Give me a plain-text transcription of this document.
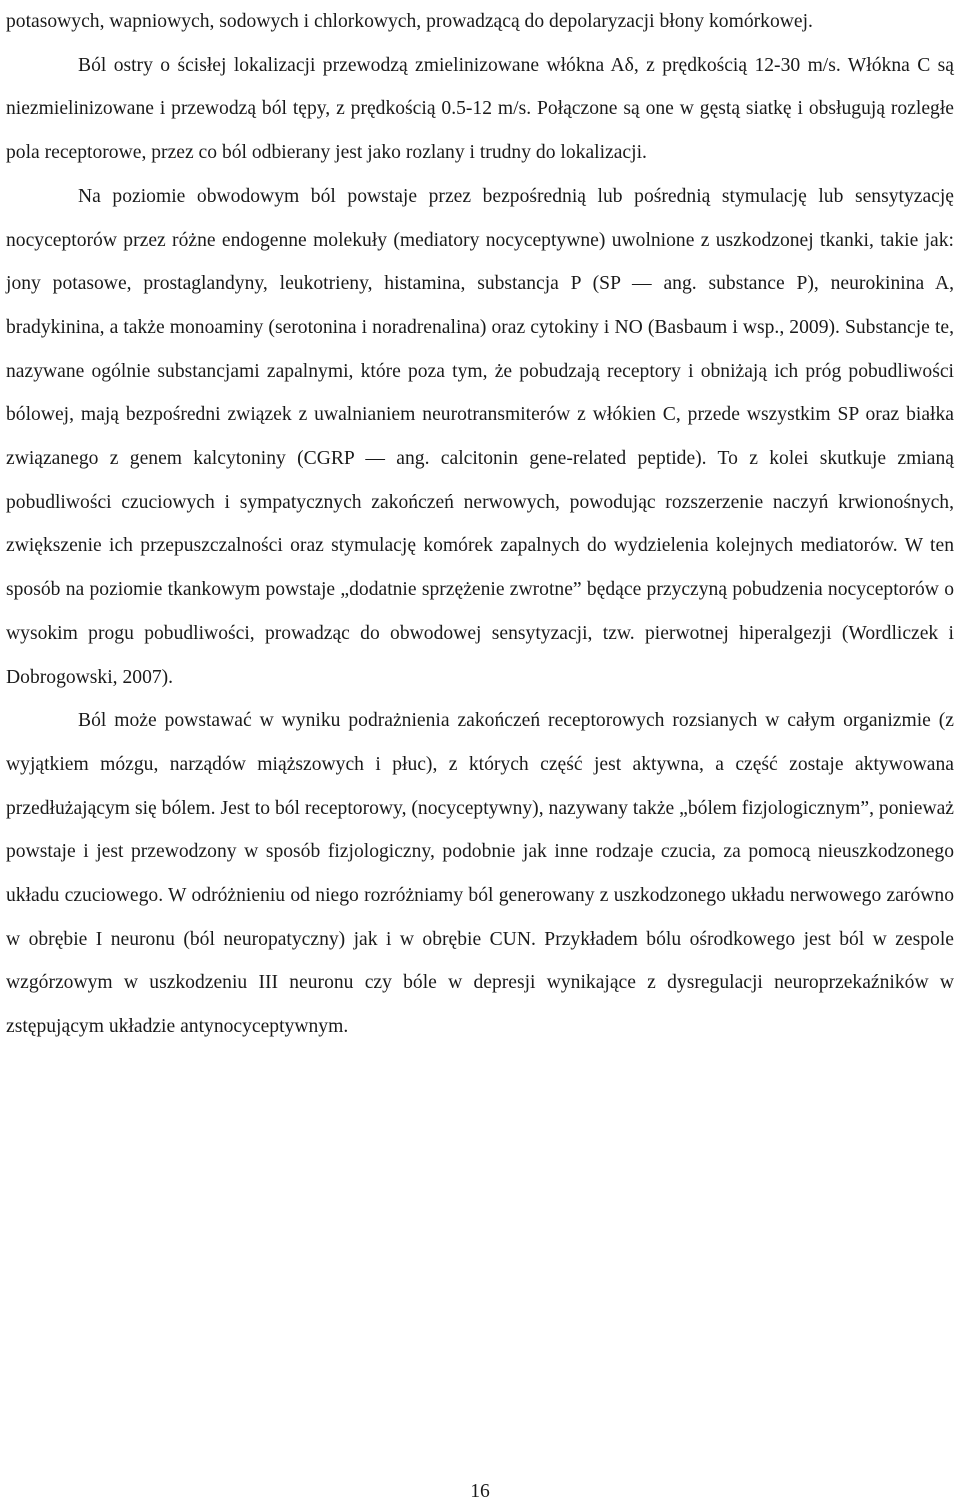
potasowych, wapniowych, sodowych i chlorkowych, prowadzącą do depolaryzacji błony komórkowej.

Ból ostry o ścisłej lokalizacji przewodzą zmielinizowane włókna Aδ, z prędkością 12-30 m/s. Włókna C są niezmielinizowane i przewodzą ból tępy, z prędkością 0.5-12 m/s. Połączone są one w gęstą siatkę i obsługują rozległe pola receptorowe, przez co ból odbierany jest jako rozlany i trudny do lokalizacji.

Na poziomie obwodowym ból powstaje przez bezpośrednią lub pośrednią stymulację lub sensytyzację nocyceptorów przez różne endogenne molekuły (mediatory nocyceptywne) uwolnione z uszkodzonej tkanki, takie jak: jony potasowe, prostaglandyny, leukotrieny, histamina, substancja P (SP — ang. substance P), neurokinina A, bradykinina, a także monoaminy (serotonina i noradrenalina) oraz cytokiny i NO (Basbaum i wsp., 2009). Substancje te, nazywane ogólnie substancjami zapalnymi, które poza tym, że pobudzają receptory i obniżają ich próg pobudliwości bólowej, mają bezpośredni związek z uwalnianiem neurotransmiterów z włókien C, przede wszystkim SP oraz białka związanego z genem kalcytoniny (CGRP — ang. calcitonin gene-related peptide). To z kolei skutkuje zmianą pobudliwości czuciowych i sympatycznych zakończeń nerwowych, powodując rozszerzenie naczyń krwionośnych, zwiększenie ich przepuszczalności oraz stymulację komórek zapalnych do wydzielenia kolejnych mediatorów. W ten sposób na poziomie tkankowym powstaje „dodatnie sprzężenie zwrotne” będące przyczyną pobudzenia nocyceptorów o wysokim progu pobudliwości, prowadząc do obwodowej sensytyzacji, tzw. pierwotnej hiperalgezji (Wordliczek i Dobrogowski, 2007).

Ból może powstawać w wyniku podrażnienia zakończeń receptorowych rozsianych w całym organizmie (z wyjątkiem mózgu, narządów miąższowych i płuc), z których część jest aktywna, a część zostaje aktywowana przedłużającym się bólem. Jest to ból receptorowy, (nocyceptywny), nazywany także „bólem fizjologicznym”, ponieważ powstaje i jest przewodzony w sposób fizjologiczny, podobnie jak inne rodzaje czucia, za pomocą nieuszkodzonego układu czuciowego. W odróżnieniu od niego rozróżniamy ból generowany z uszkodzonego układu nerwowego zarówno w obrębie I neuronu (ból neuropatyczny) jak i w obrębie CUN. Przykładem bólu ośrodkowego jest ból w zespole wzgórzowym w uszkodzeniu III neuronu czy bóle w depresji wynikające z dysregulacji neuroprzekaźników w zstępującym układzie antynocyceptywnym.

16
